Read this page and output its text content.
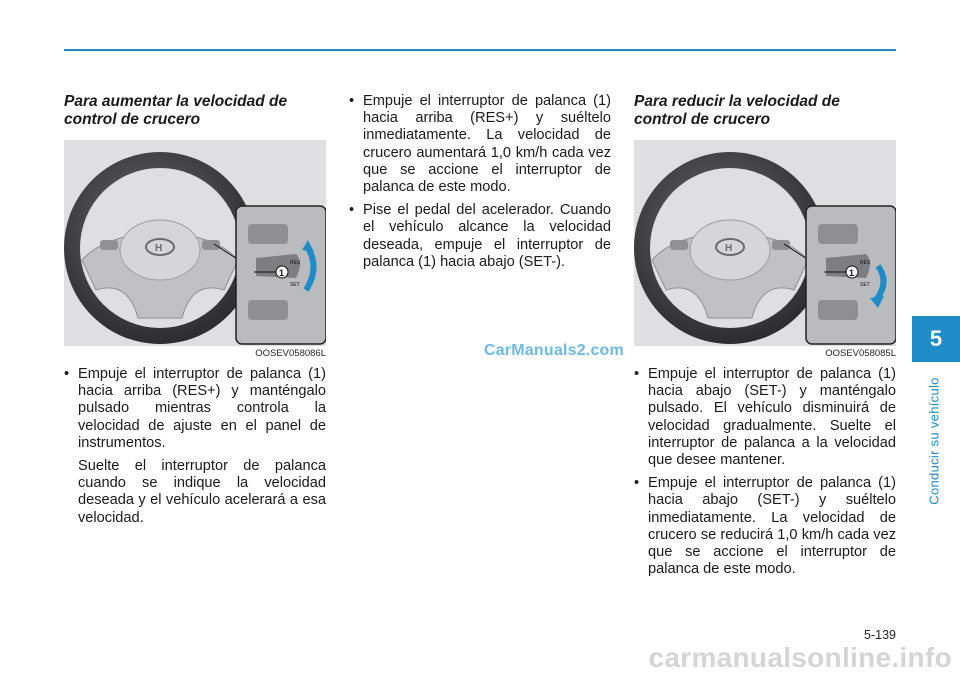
Para aumentar la velocidad de control de crucero
H
RES
SET
1
OOSEV058086L
• Empuje el interruptor de palanca (1) hacia arriba (RES+) y manténgalo pulsado mientras controla la velocidad de ajuste en el panel de instrumentos.
Suelte el interruptor de palanca cuando se indique la velocidad deseada y el vehículo acelerará a esa velocidad.
• Empuje el interruptor de palanca (1) hacia arriba (RES+) y suéltelo inmediatamente. La velocidad de crucero aumentará 1,0 km/h cada vez que se accione el interruptor de palanca de este modo.
• Pise el pedal del acelerador. Cuando el vehículo alcance la velocidad deseada, empuje el interruptor de palanca (1) hacia abajo (SET-).
Para reducir la velocidad de control de crucero
H
RES
SET
1
OOSEV058085L
• Empuje el interruptor de palanca (1) hacia abajo (SET-) y manténgalo pulsado. El vehículo disminuirá de velocidad gradualmente. Suelte el interruptor de palanca a la velocidad que desee mantener.
• Empuje el interruptor de palanca (1) hacia abajo (SET-) y suéltelo inmediatamente. La velocidad de crucero se reducirá 1,0 km/h cada vez que se accione el interruptor de palanca de este modo.
CarManuals2.com	5
Conducir su vehículo
5-139
carmanualsonline.info
